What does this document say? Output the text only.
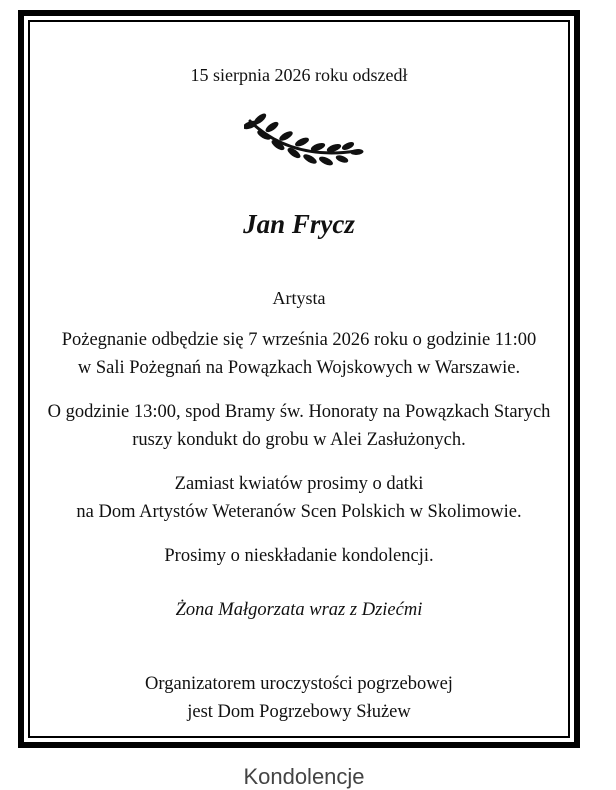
15 sierpnia 2026 roku odszedł
Jan Frycz
Artysta
Pożegnanie odbędzie się 7 września 2026 roku o godzinie 11:00
w Sali Pożegnań na Powązkach Wojskowych w Warszawie.
O godzinie 13:00, spod Bramy św. Honoraty na Powązkach Starych
ruszy kondukt do grobu w Alei Zasłużonych.
Zamiast kwiatów prosimy o datki
na Dom Artystów Weteranów Scen Polskich w Skolimowie.
Prosimy o nieskładanie kondolencji.
Żona Małgorzata wraz z Dziećmi
Organizatorem uroczystości pogrzebowej
jest Dom Pogrzebowy Służew
Kondolencje
